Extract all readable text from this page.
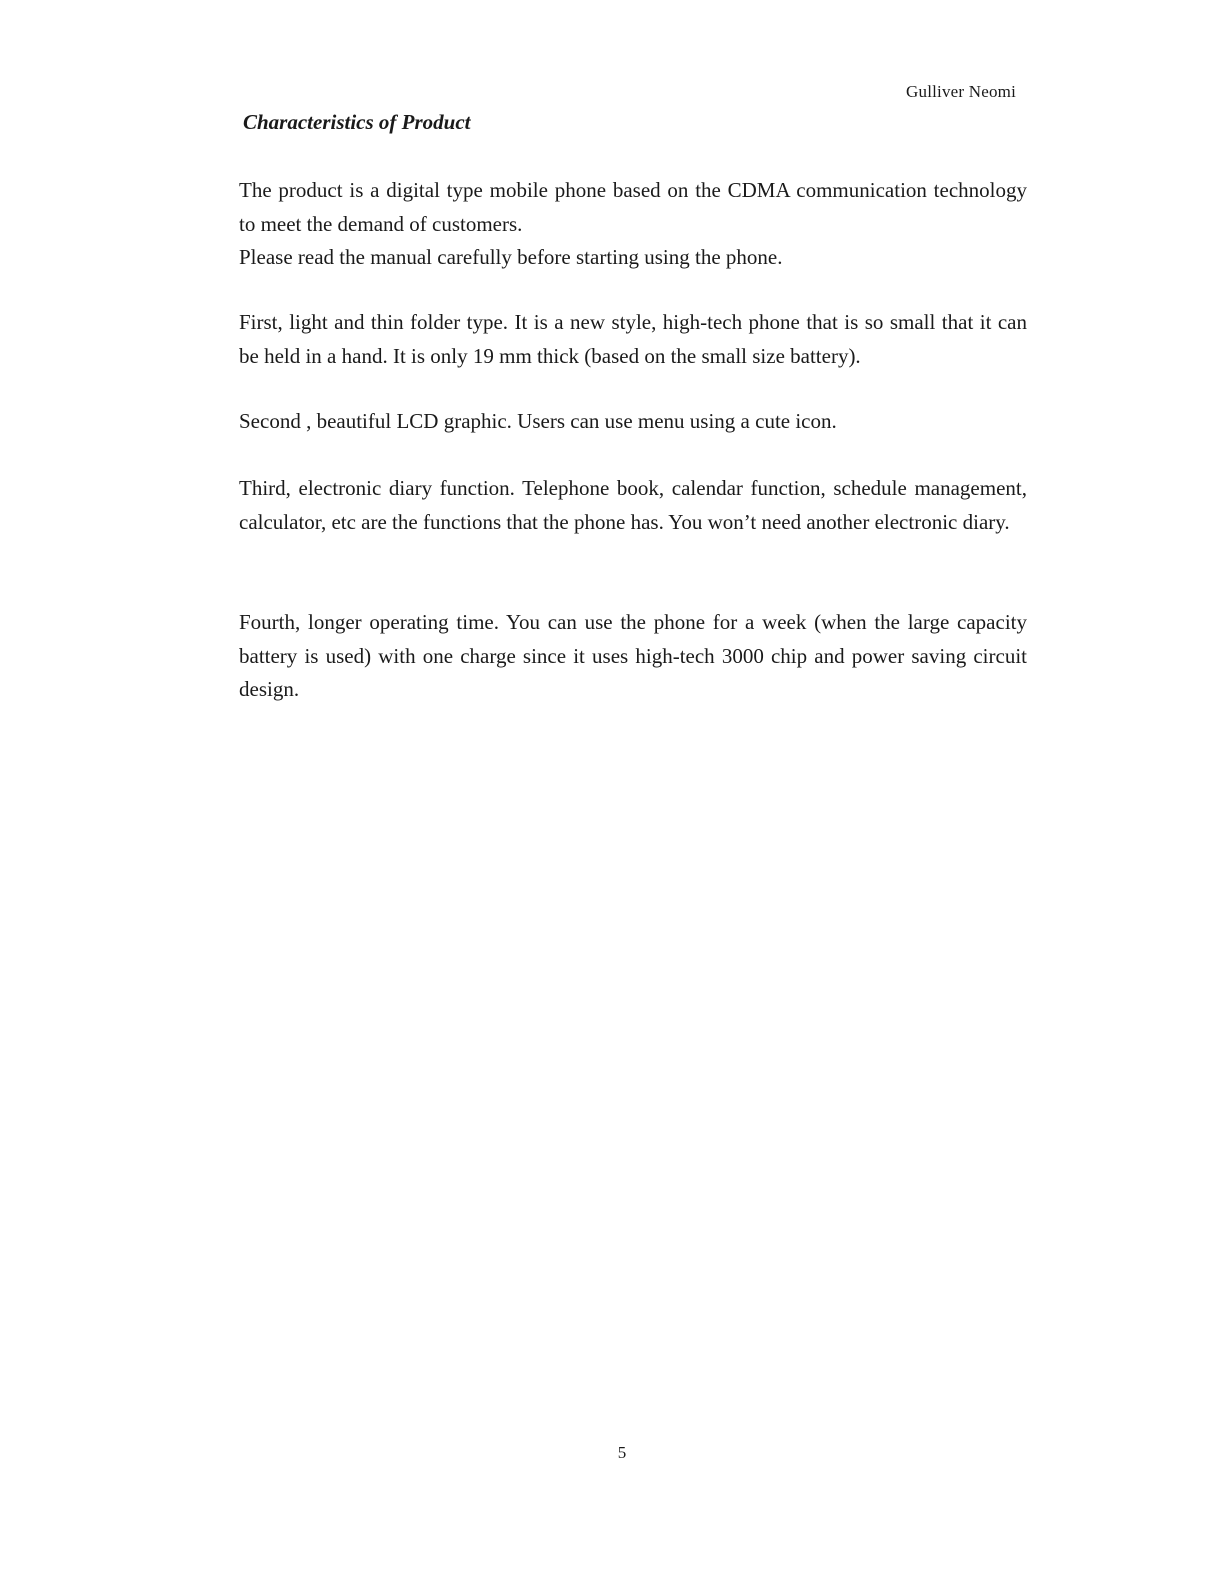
Gulliver Neomi
Characteristics of Product
The product is a digital type mobile phone based on the CDMA communication technology to meet the demand of customers.
Please read the manual carefully before starting using the phone.

First, light and thin folder type. It is a new style, high-tech phone that is so small that it can be held in a hand. It is only 19 mm thick (based on the small size battery).

Second , beautiful LCD graphic. Users can use menu using a cute icon.

Third, electronic diary function. Telephone book, calendar function, schedule management, calculator, etc are the functions that the phone has. You won’t need another electronic diary.

Fourth, longer operating time. You can use the phone for a week (when the large capacity battery is used) with one charge since it uses high-tech 3000 chip and power saving circuit design.

5
